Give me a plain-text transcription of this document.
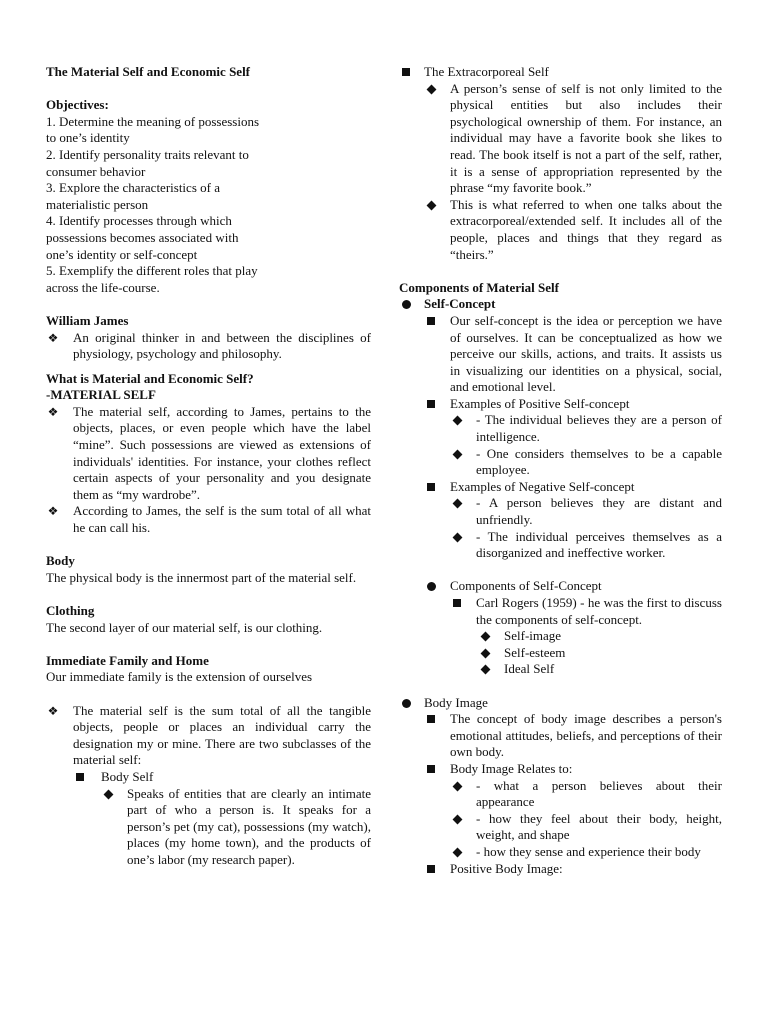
The Material Self and Economic Self

Objectives:

1. Determine the meaning of possessions

to one’s identity

2. Identify personality traits relevant to

consumer behavior

3. Explore the characteristics of a

materialistic person

4. Identify processes through which

possessions becomes associated with

one’s identity or self-concept

5. Exemplify the different roles that play

across the life-course.

William James

❖ An original thinker in and between the disciplines of physiology, psychology and philosophy.

What is Material and Economic Self?

-MATERIAL SELF

❖ The material self, according to James, pertains to the objects, places, or even people which have the label “mine”. Such possessions are viewed as extensions of individuals' identities. For instance, your clothes reflect certain aspects of your personality and you designate them as “my wardrobe”.
❖ According to James, the self is the sum total of all what he can call his.

Body

The physical body is the innermost part of the material self.

Clothing

The second layer of our material self, is our clothing.

Immediate Family and Home

Our immediate family is the extension of ourselves

❖ The material self is the sum total of all the tangible objects, people or places an individual carry the designation my or mine. There are two subclasses of the material self:
Body Self
Speaks of entities that are clearly an intimate part of who a person is. It speaks for a person’s pet (my cat), possessions (my watch), places (my home town), and the products of one’s labor (my research paper).
The Extracorporeal Self
A person’s sense of self is not only limited to the physical entities but also includes their psychological ownership of them. For instance, an individual may have a favorite book she likes to read. The book itself is not a part of the self, rather, it is a sense of appropriation represented by the phrase “my favorite book.”
This is what referred to when one talks about the extracorporeal/extended self. It includes all of the people, places and things that they regard as “theirs.”

Components of Material Self

Self-Concept
Our self-concept is the idea or perception we have of ourselves. It can be conceptualized as how we perceive our skills, actions, and traits. It assists us in visualizing our identities on a physical, social, and emotional level.
Examples of Positive Self-concept
- The individual believes they are a person of intelligence.
- One considers themselves to be a capable employee.
Examples of Negative Self-concept
- A person believes they are distant and unfriendly.
- The individual perceives themselves as a disorganized and ineffective worker.
Components of Self-Concept
Carl Rogers (1959) - he was the first to discuss the components of self-concept.
Self-image
Self-esteem
Ideal Self
Body Image
The concept of body image describes a person's emotional attitudes, beliefs, and perceptions of their own body.
Body Image Relates to:
- what a person believes about their appearance
- how they feel about their body, height, weight, and shape
- how they sense and experience their body
Positive Body Image:
